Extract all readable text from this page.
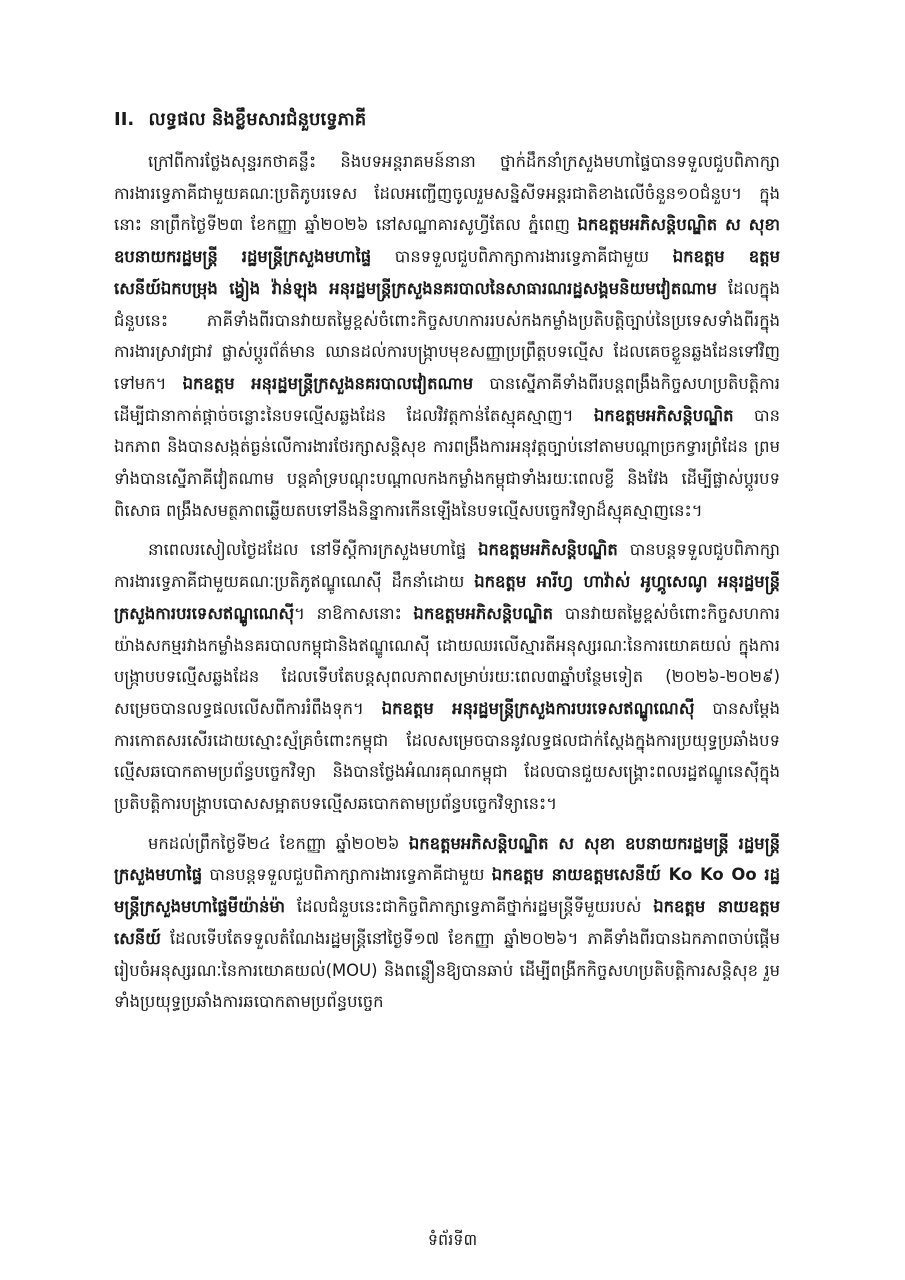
II. លទ្ធផល និងខ្លឹមសារជំនួបទ្វេភាគី

ក្រៅពីការថ្លែងសុន្ទរកថាគន្លឹះ និងបទអន្តរាគមន៍នានា ថ្នាក់ដឹកនាំក្រសួងមហាផ្ទៃបានទទួលជួបពិភាក្សាការងារទ្វេភាគីជាមួយគណៈប្រតិភូបរទេស ដែលអញ្ជើញចូលរួមសន្និសីទអន្តរជាតិខាងលើចំនួន១០ជំនួប។ ក្នុងនោះ នាព្រឹកថ្ងៃទី២៣ ខែកញ្ញា ឆ្នាំ២០២៦ នៅសណ្ឋាគារសូហ្វីតែល ភ្នំពេញ ឯកឧត្តមអភិសន្តិបណ្ឌិត ស សុខា ឧបនាយករដ្ឋមន្ត្រី រដ្ឋមន្ត្រីក្រសួងមហាផ្ទៃ បានទទួលជួបពិភាក្សាការងារទ្វេភាគីជាមួយ ឯកឧត្តម ឧត្តមសេនីយ៍ឯកបម្រុង ង្វៀង វ៉ាន់ឡុង អនុរដ្ឋមន្ត្រីក្រសួងនគរបាលនៃសាធារណរដ្ឋសង្គមនិយមវៀតណាម ដែលក្នុងជំនួបនេះ ភាគីទាំងពីរបានវាយតម្លៃខ្ពស់ចំពោះកិច្ចសហការរបស់កងកម្លាំងប្រតិបត្តិច្បាប់នៃប្រទេសទាំងពីរក្នុងការងារស្រាវជ្រាវ ផ្លាស់ប្តូរព័ត៌មាន ឈានដល់ការបង្ក្រាបមុខសញ្ញាប្រព្រឹត្តបទល្មើស ដែលគេចខ្លួនឆ្លងដែនទៅវិញទៅមក។ ឯកឧត្តម អនុរដ្ឋមន្ត្រីក្រសួងនគរបាលវៀតណាម បានស្នើភាគីទាំងពីរបន្តពង្រឹងកិច្ចសហប្រតិបត្តិការ ដើម្បីជានាកាត់ផ្តាច់ចន្លោះនៃបទល្មើសឆ្លងដែន ដែលវិវត្តកាន់តែស្មុគស្មាញ។ ឯកឧត្តមអភិសន្តិបណ្ឌិត បានឯកភាព និងបានសង្កត់ធ្ងន់លើការងារថែរក្សាសន្តិសុខ ការពង្រឹងការអនុវត្តច្បាប់នៅតាមបណ្តាច្រកទ្វារព្រំដែន ព្រមទាំងបានស្នើភាគីវៀតណាម បន្តគាំទ្របណ្តុះបណ្តាលកងកម្លាំងកម្ពុជាទាំងរយៈពេលខ្លី និងវែង ដើម្បីផ្លាស់ប្តូរបទពិសោធ ពង្រឹងសមត្ថភាពឆ្លើយតបទៅនឹងនិន្នាការកើនឡើងនៃបទល្មើសបច្ចេកវិទ្យាដ៏ស្មុគស្មាញនេះ។

នាពេលរសៀលថ្ងៃដដែល នៅទីស្តីការក្រសួងមហាផ្ទៃ ឯកឧត្តមអភិសន្តិបណ្ឌិត បានបន្តទទួលជួបពិភាក្សាការងារទ្វេភាគីជាមួយគណៈប្រតិភូឥណ្ឌូណេស៊ី ដឹកនាំដោយ ឯកឧត្តម អារីហ្វ ហាវ៉ាស់ អូហ្គូសេណូ អនុរដ្ឋមន្ត្រីក្រសួងការបរទេសឥណ្ឌូណេស៊ី។ នាឱកាសនោះ ឯកឧត្តមអភិសន្តិបណ្ឌិត បានវាយតម្លៃខ្ពស់ចំពោះកិច្ចសហការយ៉ាងសកម្មរវាងកម្លាំងនគរបាលកម្ពុជានិងឥណ្ឌូណេស៊ី ដោយឈរលើស្មារតីអនុស្សរណៈនៃការយោគយល់ ក្នុងការបង្ក្រាបបទល្មើសឆ្លងដែន ដែលទើបតែបន្តសុពលភាពសម្រាប់រយៈពេល៣ឆ្នាំបន្ថែមទៀត (២០២៦-២០២៩) សម្រេចបានលទ្ធផលលើសពីការរំពឹងទុក។ ឯកឧត្តម អនុរដ្ឋមន្ត្រីក្រសួងការបរទេសឥណ្ឌូណេស៊ី បានសម្តែងការកោតសរសើរដោយស្មោះស្ម័គ្រចំពោះកម្ពុជា ដែលសម្រេចបាននូវលទ្ធផលជាក់ស្តែងក្នុងការប្រយុទ្ធប្រឆាំងបទល្មើសឆបោកតាមប្រព័ន្ធបច្ចេកវិទ្យា និងបានថ្លែងអំណរគុណកម្ពុជា ដែលបានជួយសង្គ្រោះពលរដ្ឋឥណ្ឌូនេស៊ីក្នុងប្រតិបត្តិការបង្ក្រាបបោសសម្អាតបទល្មើសឆបោកតាមប្រព័ន្ធបច្ចេកវិទ្យានេះ។

មកដល់ព្រឹកថ្ងៃទី២៤ ខែកញ្ញា ឆ្នាំ២០២៦ ឯកឧត្តមអភិសន្តិបណ្ឌិត ស សុខា ឧបនាយករដ្ឋមន្ត្រី រដ្ឋមន្ត្រីក្រសួងមហាផ្ទៃ បានបន្តទទួលជួបពិភាក្សាការងារទ្វេភាគីជាមួយ ឯកឧត្តម នាយឧត្តមសេនីយ៍ Ko Ko Oo រដ្ឋមន្ត្រីក្រសួងមហាផ្ទៃមីយ៉ាន់ម៉ា ដែលជំនួបនេះជាកិច្ចពិភាក្សាទ្វេភាគីថ្នាក់រដ្ឋមន្ត្រីទីមួយរបស់ ឯកឧត្តម នាយឧត្តមសេនីយ៍ ដែលទើបតែទទួលតំណែងរដ្ឋមន្ត្រីនៅថ្ងៃទី១៧ ខែកញ្ញា ឆ្នាំ២០២៦។ ភាគីទាំងពីរបានឯកភាពចាប់ផ្តើមរៀបចំអនុស្សរណៈនៃការយោគយល់(MOU) និងពន្លឿនឱ្យបានឆាប់ ដើម្បីពង្រីកកិច្ចសហប្រតិបត្តិការសន្តិសុខ រួមទាំងប្រយុទ្ធប្រឆាំងការឆបោកតាមប្រព័ន្ធបច្ចេក

ទំព័រទី៣
